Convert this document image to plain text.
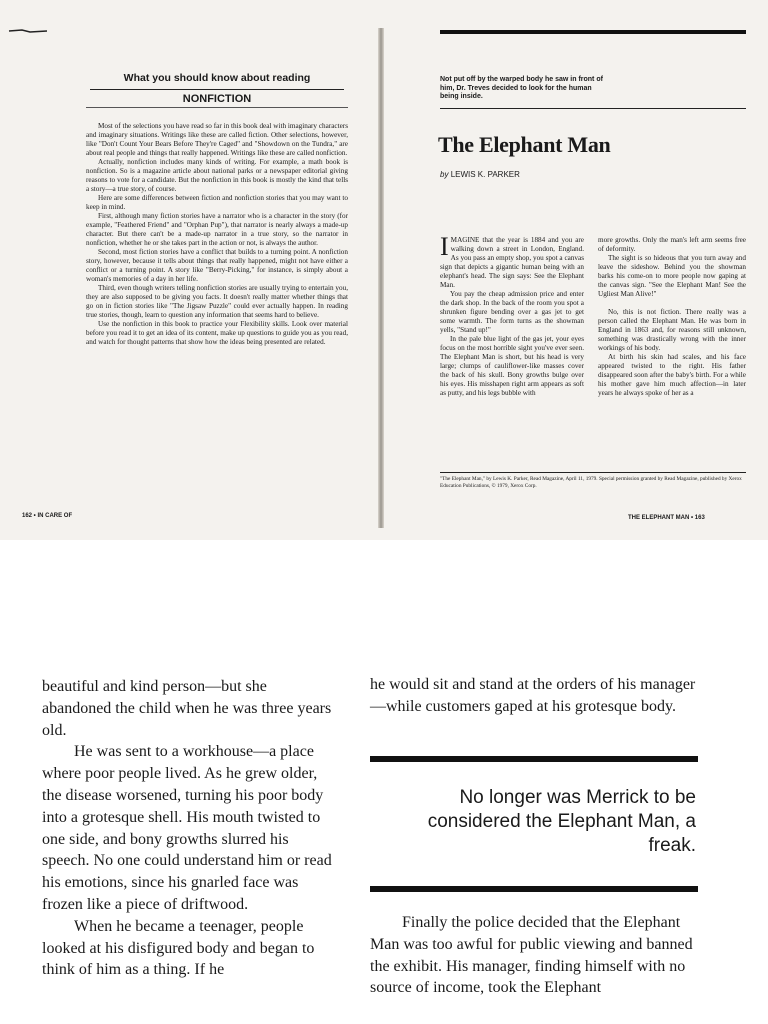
What you should know about reading
NONFICTION

Most of the selections you have read so far in this book deal with imaginary characters and imaginary situations. Writings like these are called fiction. Other selections, however, like "Don't Count Your Bears Before They're Caged" and "Showdown on the Tundra," are about real people and things that really happened. Writings like these are called nonfiction.

Actually, nonfiction includes many kinds of writing. For example, a math book is nonfiction. So is a magazine article about national parks or a newspaper editorial giving reasons to vote for a candidate. But the nonfiction in this book is mostly the kind that tells a story—a true story, of course.

Here are some differences between fiction and nonfiction stories that you may want to keep in mind.

First, although many fiction stories have a narrator who is a character in the story (for example, "Feathered Friend" and "Orphan Pup"), that narrator is nearly always a made-up character. But there can't be a made-up narrator in a true story, so the narrator in nonfiction, whether he or she takes part in the action or not, is always the author.

Second, most fiction stories have a conflict that builds to a turning point. A nonfiction story, however, because it tells about things that really happened, might not have either a conflict or a turning point. A story like "Berry-Picking," for instance, is simply about a woman's memories of a day in her life.

Third, even though writers telling nonfiction stories are usually trying to entertain you, they are also supposed to be giving you facts. It doesn't really matter whether things that go on in fiction stories like "The Jigsaw Puzzle" could ever actually happen. In reading true stories, though, learn to question any information that seems hard to believe.

Use the nonfiction in this book to practice your Flexibility skills. Look over material before you read it to get an idea of its content, make up questions to guide you as you read, and watch for thought patterns that show how the ideas being presented are related.

162 • IN CARE OF
Not put off by the warped body he saw in front of him, Dr. Treves decided to look for the human being inside.
The Elephant Man
by LEWIS K. PARKER

IMAGINE that the year is 1884 and you are walking down a street in London, England. As you pass an empty shop, you spot a canvas sign that depicts a gigantic human being with an elephant's head. The sign says: See the Elephant Man.

You pay the cheap admission price and enter the dark shop. In the back of the room you spot a shrunken figure bending over a gas jet to get some warmth. The form turns as the showman yells, "Stand up!"

In the pale blue light of the gas jet, your eyes focus on the most horrible sight you've ever seen. The Elephant Man is short, but his head is very large; clumps of cauliflower-like masses cover the back of his skull. Bony growths bulge over his eyes. His misshapen right arm appears as soft as putty, and his legs bubble with

more growths. Only the man's left arm seems free of deformity.

The sight is so hideous that you turn away and leave the sideshow. Behind you the showman barks his come-on to more people now gaping at the canvas sign. "See the Elephant Man! See the Ugliest Man Alive!"

No, this is not fiction. There really was a person called the Elephant Man. He was born in England in 1863 and, for reasons still unknown, something was drastically wrong with the inner workings of his body.

At birth his skin had scales, and his face appeared twisted to the right. His father disappeared soon after the baby's birth. For a while his mother gave him much affection—in later years he always spoke of her as a

"The Elephant Man," by Lewis K. Parker, Read Magazine, April 11, 1979. Special permission granted by Read Magazine, published by Xerox Education Publications, © 1979, Xerox Corp.
THE ELEPHANT MAN • 163

beautiful and kind person—but she abandoned the child when he was three years old.

He was sent to a workhouse—a place where poor people lived. As he grew older, the disease worsened, turning his poor body into a grotesque shell. His mouth twisted to one side, and bony growths slurred his speech. No one could understand him or read his emotions, since his gnarled face was frozen like a piece of driftwood.

When he became a teenager, people looked at his disfigured body and began to think of him as a thing. If he

he would sit and stand at the orders of his manager—while customers gaped at his grotesque body.
No longer was Merrick to be considered the Elephant Man, a freak.

Finally the police decided that the Elephant Man was too awful for public viewing and banned the exhibit. His manager, finding himself with no source of income, took the Elephant
